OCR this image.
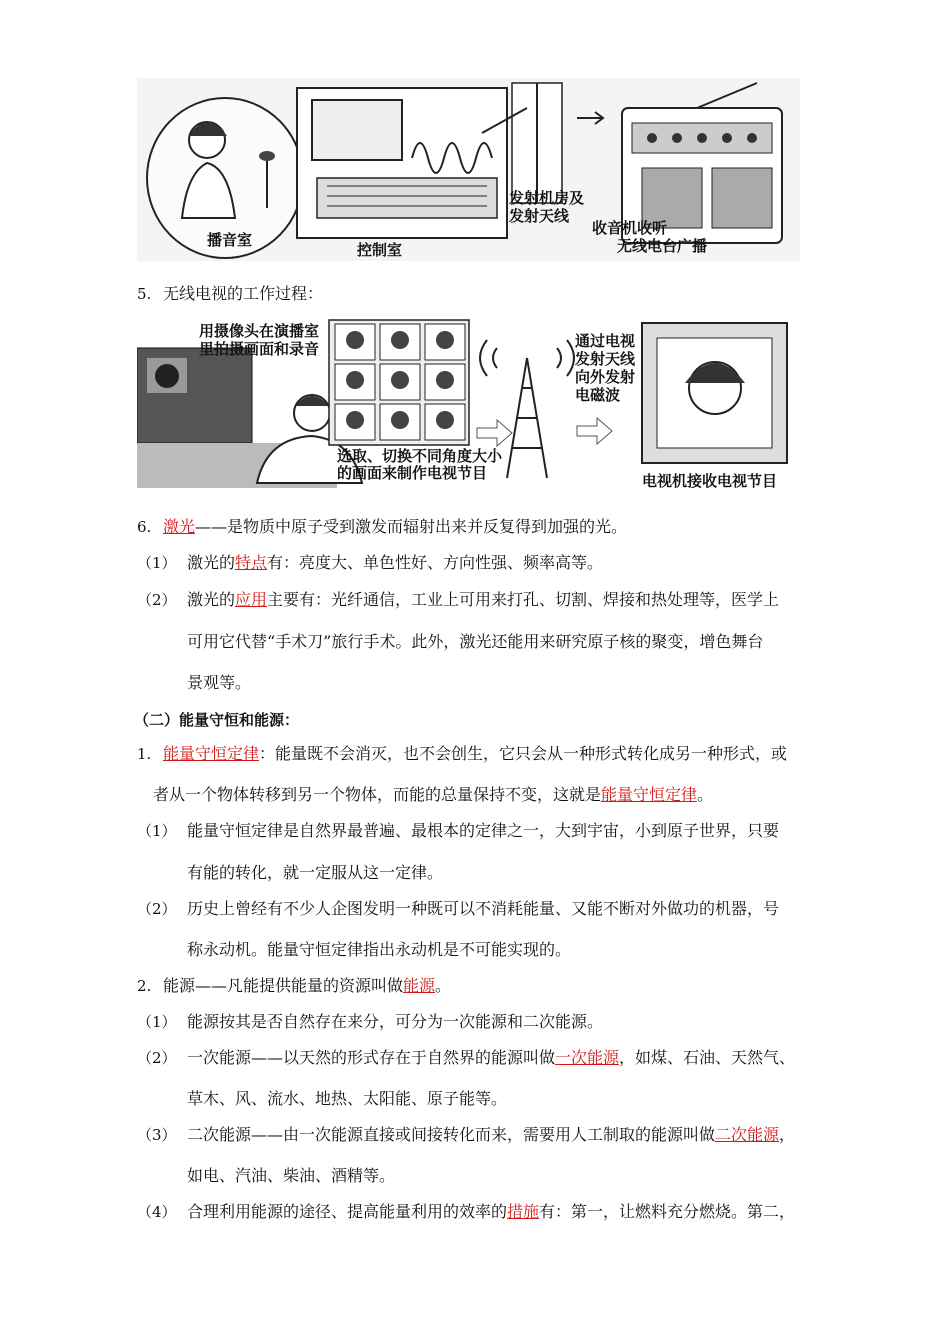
播音室
控制室
发射机房及
发射天线
收音机收听
无线电台广播
5. 无线电视的工作过程：
用摄像头在演播室
里拍摄画面和录音
选取、切换不同角度大小
的画面来制作电视节目
通过电视
发射天线
向外发射
电磁波
电视机接收电视节目
6. 激光——是物质中原子受到激发而辐射出来并反复得到加强的光。
（1） 激光的特点有：亮度大、单色性好、方向性强、频率高等。
（2） 激光的应用主要有：光纤通信，工业上可用来打孔、切割、焊接和热处理等，医学上
可用它代替“手术刀”旅行手术。此外，激光还能用来研究原子核的聚变，增色舞台
景观等。
（二）能量守恒和能源：
1. 能量守恒定律：能量既不会消灭，也不会创生，它只会从一种形式转化成另一种形式，或
者从一个物体转移到另一个物体，而能的总量保持不变，这就是能量守恒定律。
（1） 能量守恒定律是自然界最普遍、最根本的定律之一，大到宇宙，小到原子世界，只要
有能的转化，就一定服从这一定律。
（2） 历史上曾经有不少人企图发明一种既可以不消耗能量、又能不断对外做功的机器，号
称永动机。能量守恒定律指出永动机是不可能实现的。
2. 能源——凡能提供能量的资源叫做能源。
（1） 能源按其是否自然存在来分，可分为一次能源和二次能源。
（2） 一次能源——以天然的形式存在于自然界的能源叫做一次能源，如煤、石油、天然气、
草木、风、流水、地热、太阳能、原子能等。
（3） 二次能源——由一次能源直接或间接转化而来，需要用人工制取的能源叫做二次能源，
如电、汽油、柴油、酒精等。
（4） 合理利用能源的途径、提高能量利用的效率的措施有：第一，让燃料充分燃烧。第二，
